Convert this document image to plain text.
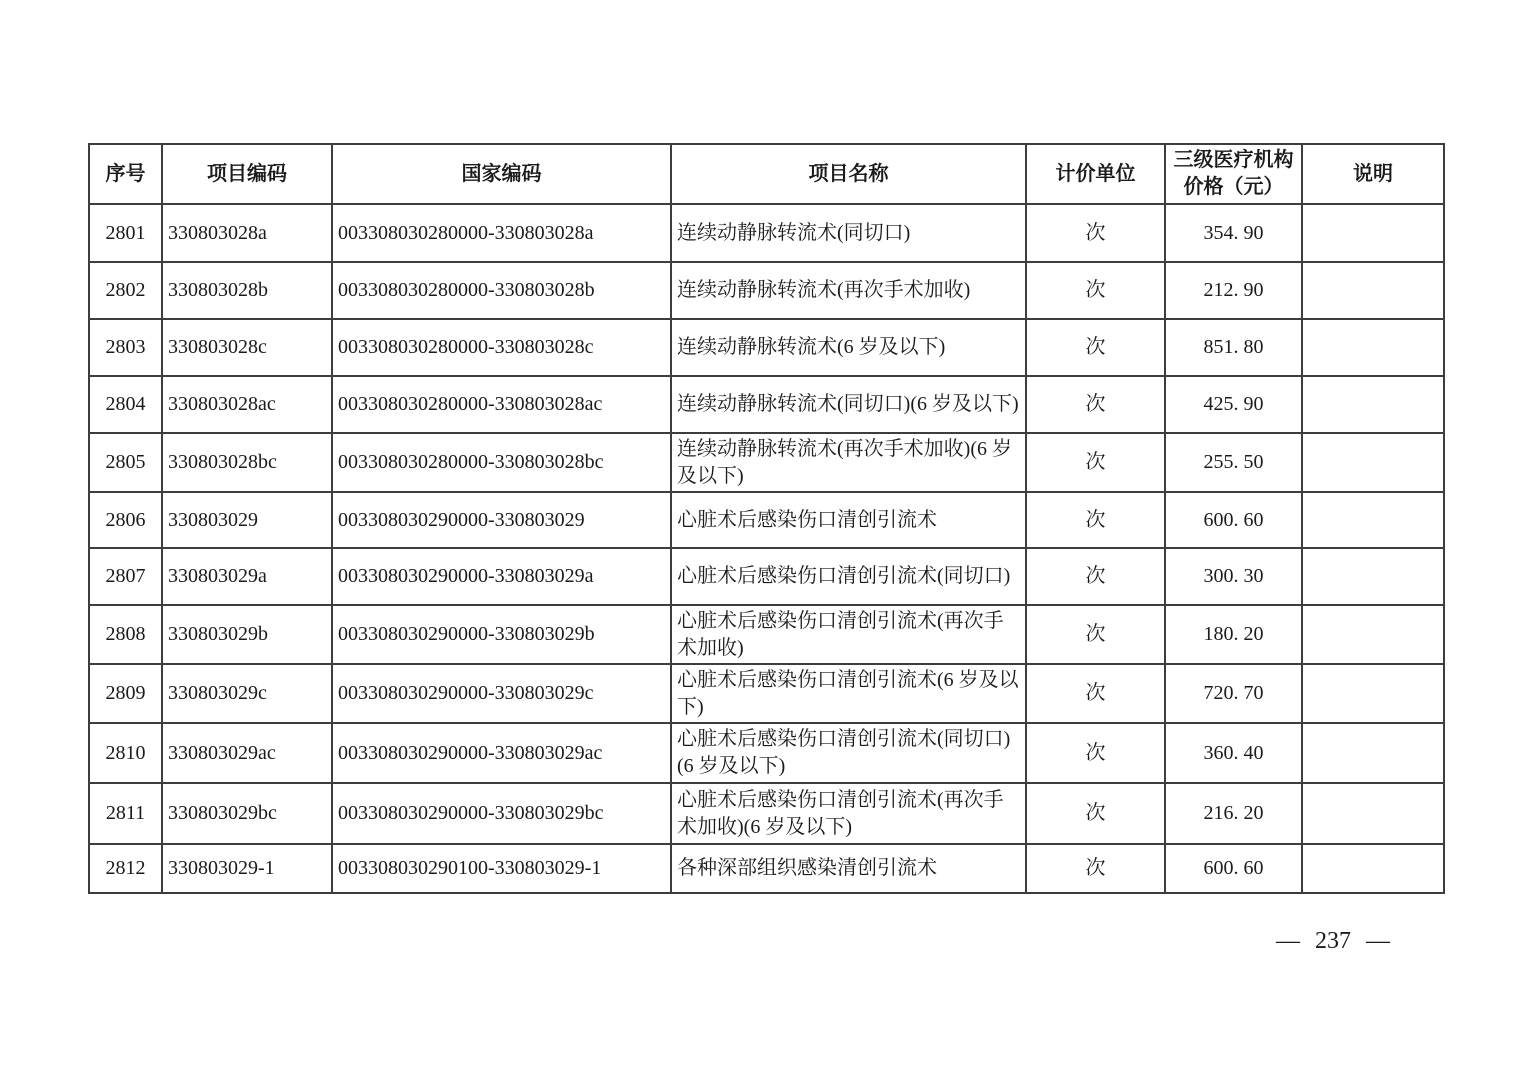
序号	项目编码	国家编码	项目名称	计价单位	三级医疗机构价格（元）	说明
2801	330803028a	003308030280000-330803028a	连续动静脉转流术(同切口)	次	354. 90	
2802	330803028b	003308030280000-330803028b	连续动静脉转流术(再次手术加收)	次	212. 90	
2803	330803028c	003308030280000-330803028c	连续动静脉转流术(6 岁及以下)	次	851. 80	
2804	330803028ac	003308030280000-330803028ac	连续动静脉转流术(同切口)(6 岁及以下)	次	425. 90	
2805	330803028bc	003308030280000-330803028bc	连续动静脉转流术(再次手术加收)(6 岁及以下)	次	255. 50	
2806	330803029	003308030290000-330803029	心脏术后感染伤口清创引流术	次	600. 60	
2807	330803029a	003308030290000-330803029a	心脏术后感染伤口清创引流术(同切口)	次	300. 30	
2808	330803029b	003308030290000-330803029b	心脏术后感染伤口清创引流术(再次手术加收)	次	180. 20	
2809	330803029c	003308030290000-330803029c	心脏术后感染伤口清创引流术(6 岁及以下)	次	720. 70	
2810	330803029ac	003308030290000-330803029ac	心脏术后感染伤口清创引流术(同切口)(6 岁及以下)	次	360. 40	
2811	330803029bc	003308030290000-330803029bc	心脏术后感染伤口清创引流术(再次手术加收)(6 岁及以下)	次	216. 20	
2812	330803029-1	003308030290100-330803029-1	各种深部组织感染清创引流术	次	600. 60	
— 237 —
